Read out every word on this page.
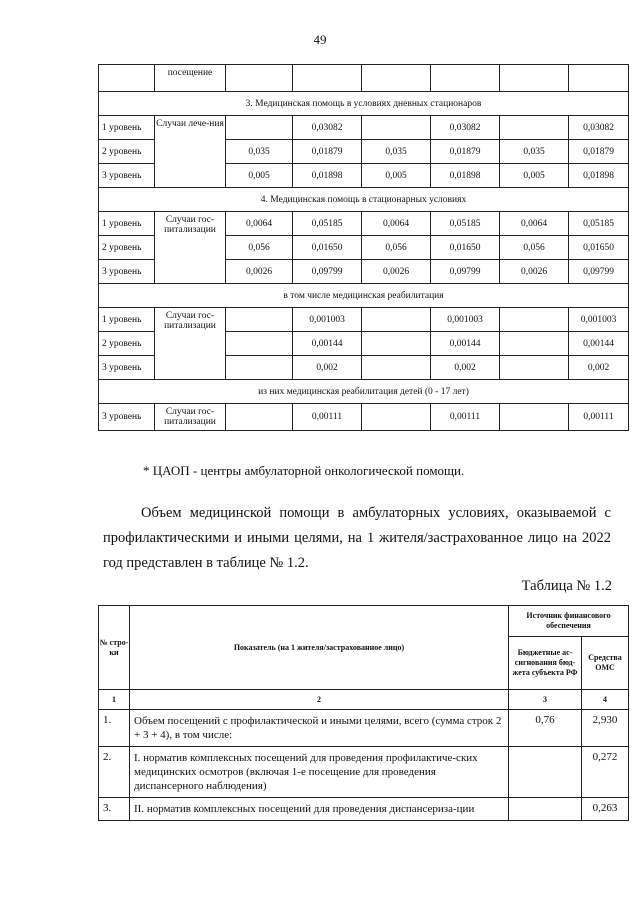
49
	посещение						
3. Медицинская помощь в условиях дневных стационаров							
1 уровень	Случаи лече-ния		0,03082		0,03082		0,03082
2 уровень		0,035	0,01879	0,035	0,01879	0,035	0,01879
3 уровень		0,005	0,01898	0,005	0,01898	0,005	0,01898
4. Медицинская помощь в стационарных условиях							
1 уровень	Случаи гос-питализации	0,0064	0,05185	0,0064	0,05185	0,0064	0,05185
2 уровень		0,056	0,01650	0,056	0,01650	0,056	0,01650
3 уровень		0,0026	0,09799	0,0026	0,09799	0,0026	0,09799
в том числе медицинская реабилитация							
1 уровень	Случаи гос-питализации		0,001003		0,001003		0,001003
2 уровень			0,00144		0,00144		0,00144
3 уровень			0,002		0,002		0,002
из них медицинская реабилитация детей (0 - 17 лет)							
3 уровень	Случаи гос-питализации		0,00111		0,00111		0,00111
* ЦАОП - центры амбулаторной онкологической помощи.
Объем медицинской помощи в амбулаторных условиях, оказываемой с профилактическими и иными целями, на 1 жителя/застрахованное лицо на 2022 год представлен в таблице № 1.2.
Таблица № 1.2
№ стро-ки	Показатель (на 1 жителя/застрахованное лицо)	Источник финансового обеспечения	
		Бюджетные ас-сигнования бюд-жета субъекта РФ	Средства ОМС
1	2	3	4
1.	Объем посещений с профилактической и иными целями, всего (сумма строк 2 + 3 + 4), в том числе:	0,76	2,930
2.	I. норматив комплексных посещений для проведения профилактиче-ских медицинских осмотров (включая 1-е посещение для проведения диспансерного наблюдения)		0,272
3.	II. норматив комплексных посещений для проведения диспансеризa-ции		0,263
